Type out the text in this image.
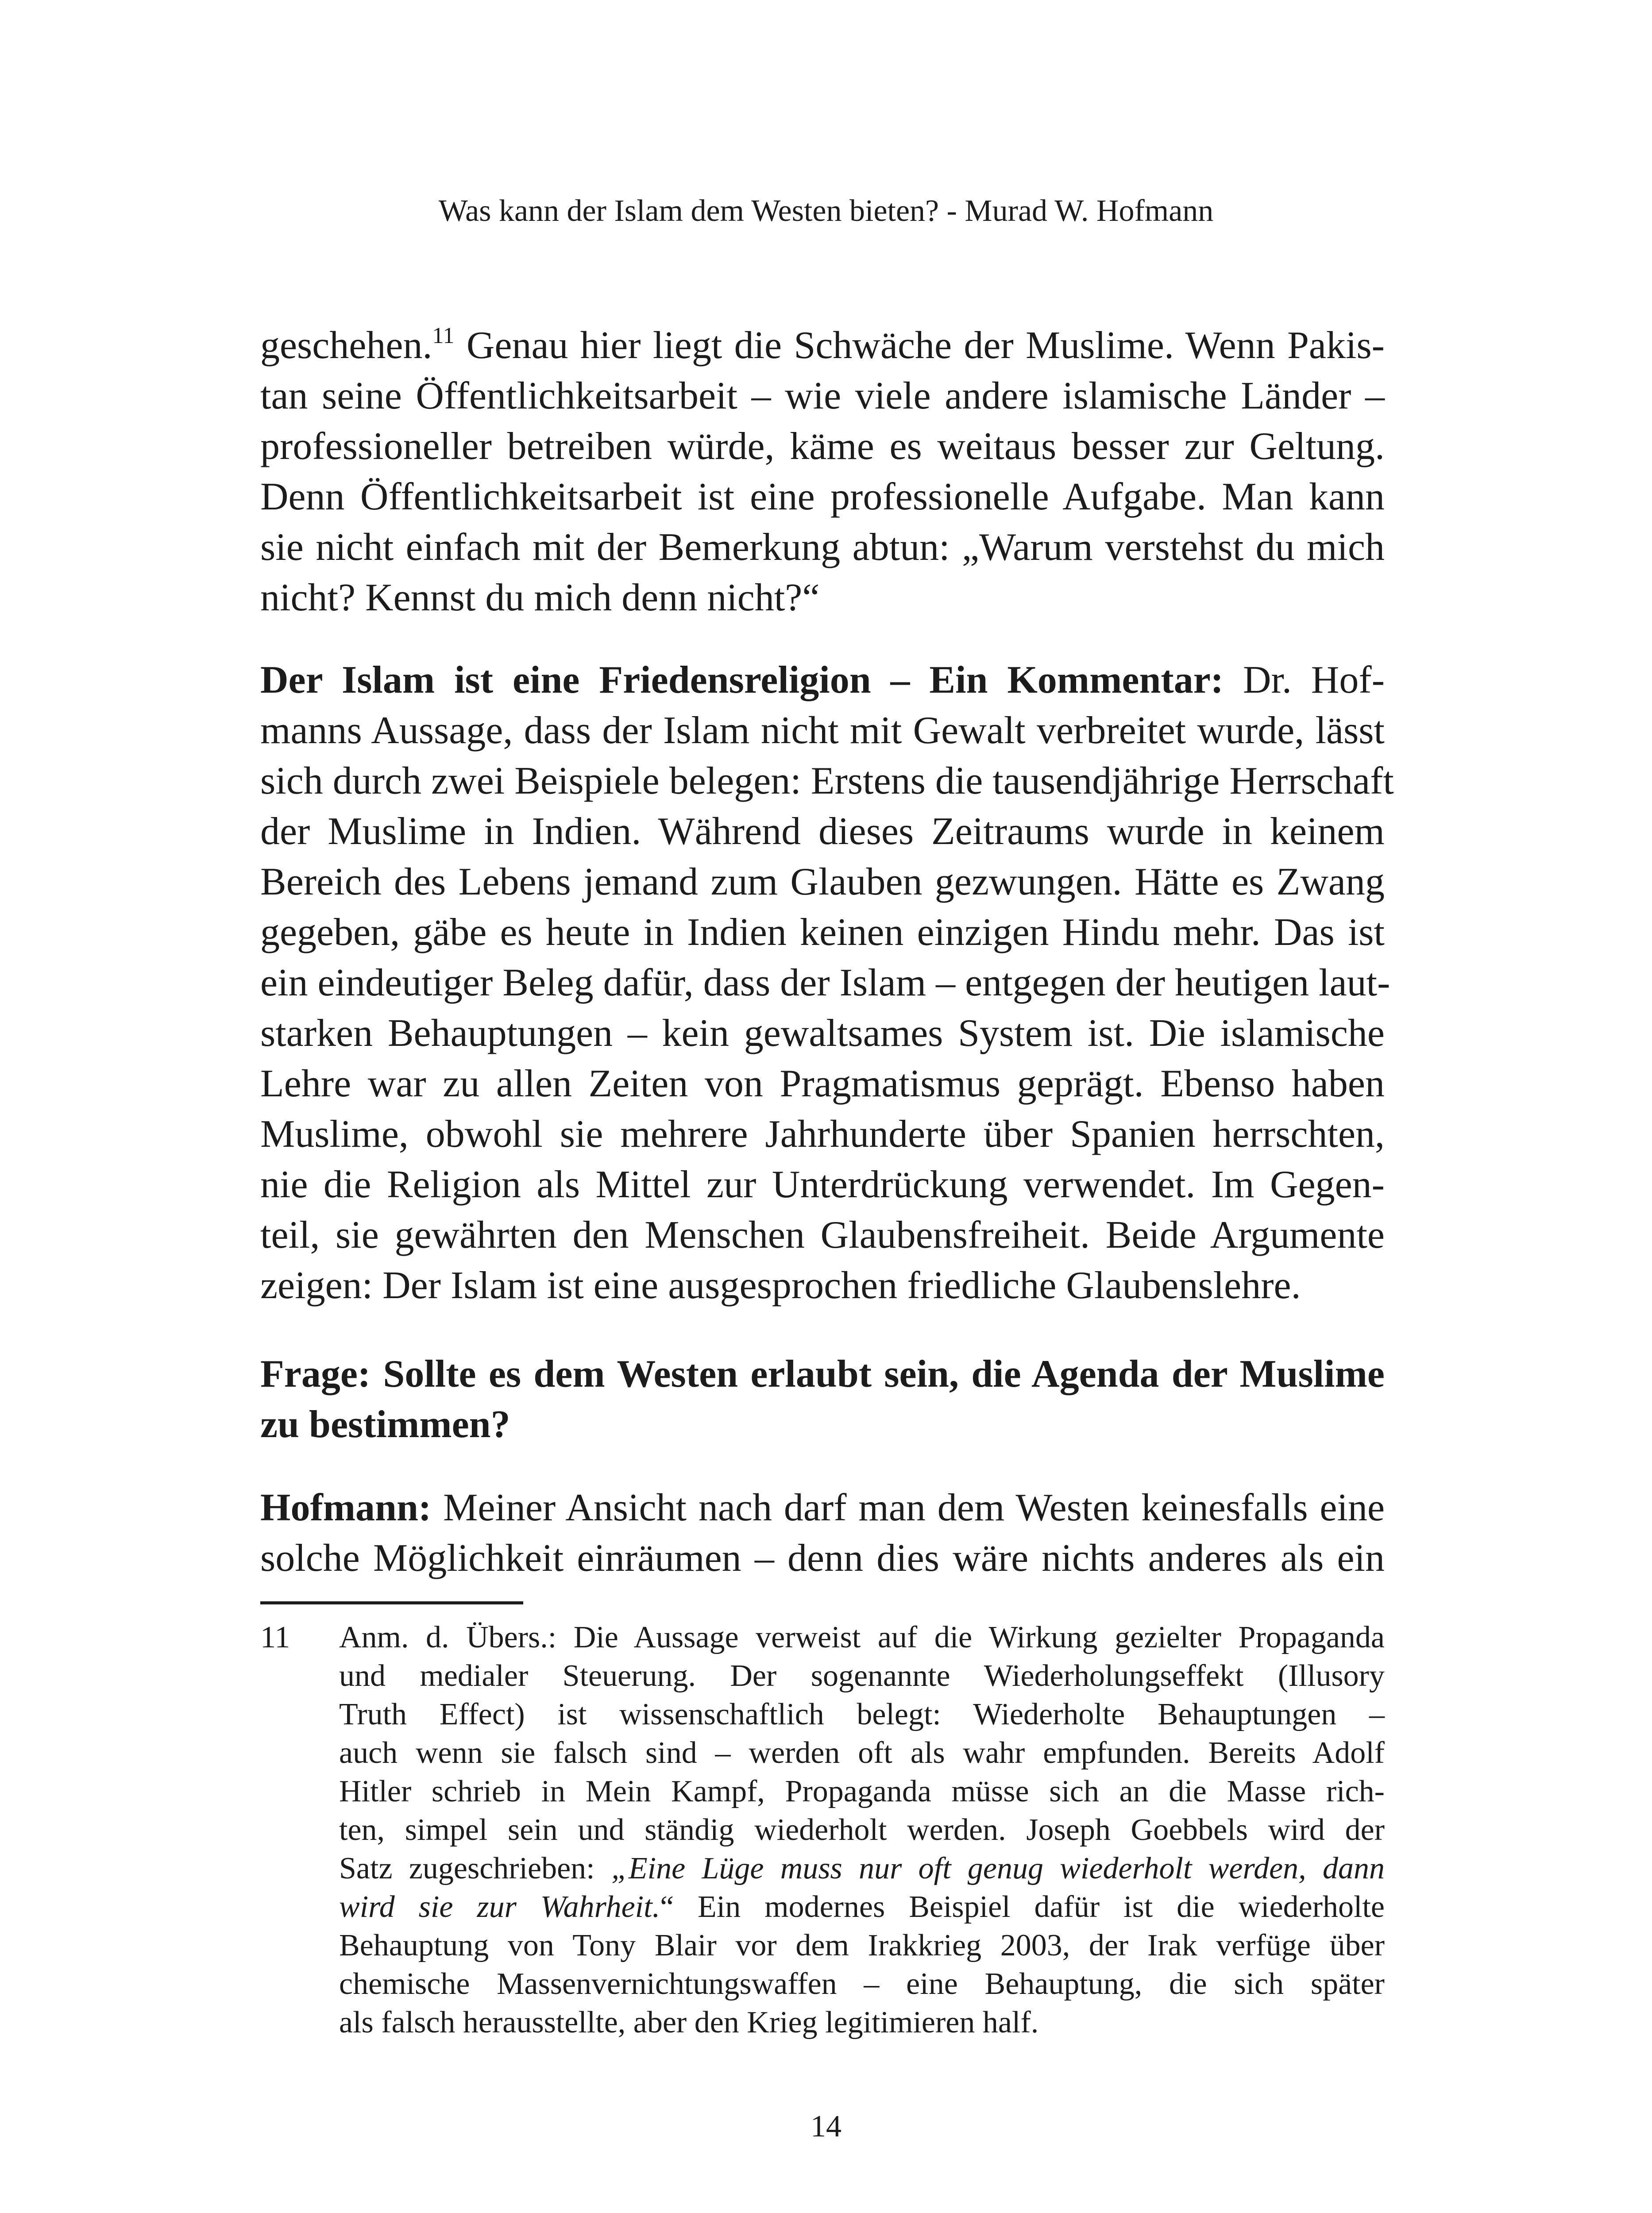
Was kann der Islam dem Westen bieten? - Murad W. Hofmann
geschehen.$^{11}$ Genau hier liegt die Schwäche der Muslime. Wenn Pakis-
tan seine Öffentlichkeitsarbeit – wie viele andere islamische Länder –
professioneller betreiben würde, käme es weitaus besser zur Geltung.
Denn Öffentlichkeitsarbeit ist eine professionelle Aufgabe. Man kann
sie nicht einfach mit der Bemerkung abtun: „Warum verstehst du mich
nicht? Kennst du mich denn nicht?“
Der Islam ist eine Friedensreligion – Ein Kommentar: Dr. Hof-
manns Aussage, dass der Islam nicht mit Gewalt verbreitet wurde, lässt
sich durch zwei Beispiele belegen: Erstens die tausendjährige Herrschaft
der Muslime in Indien. Während dieses Zeitraums wurde in keinem
Bereich des Lebens jemand zum Glauben gezwungen. Hätte es Zwang
gegeben, gäbe es heute in Indien keinen einzigen Hindu mehr. Das ist
ein eindeutiger Beleg dafür, dass der Islam – entgegen der heutigen laut-
starken Behauptungen – kein gewaltsames System ist. Die islamische
Lehre war zu allen Zeiten von Pragmatismus geprägt. Ebenso haben
Muslime, obwohl sie mehrere Jahrhunderte über Spanien herrschten,
nie die Religion als Mittel zur Unterdrückung verwendet. Im Gegen-
teil, sie gewährten den Menschen Glaubensfreiheit. Beide Argumente
zeigen: Der Islam ist eine ausgesprochen friedliche Glaubenslehre.
Frage: Sollte es dem Westen erlaubt sein, die Agenda der Muslime
zu bestimmen?
Hofmann: Meiner Ansicht nach darf man dem Westen keinesfalls eine
solche Möglichkeit einräumen – denn dies wäre nichts anderes als ein
11	Anm. d. Übers.: Die Aussage verweist auf die Wirkung gezielter Propaganda
und medialer Steuerung. Der sogenannte Wiederholungseffekt (Illusory
Truth Effect) ist wissenschaftlich belegt: Wiederholte Behauptungen –
auch wenn sie falsch sind – werden oft als wahr empfunden. Bereits Adolf
Hitler schrieb in Mein Kampf, Propaganda müsse sich an die Masse rich-
ten, simpel sein und ständig wiederholt werden. Joseph Goebbels wird der
Satz zugeschrieben: „Eine Lüge muss nur oft genug wiederholt werden, dann
wird sie zur Wahrheit.“ Ein modernes Beispiel dafür ist die wiederholte
Behauptung von Tony Blair vor dem Irakkrieg 2003, der Irak verfüge über
chemische Massenvernichtungswaffen – eine Behauptung, die sich später
als falsch herausstellte, aber den Krieg legitimieren half.
14
